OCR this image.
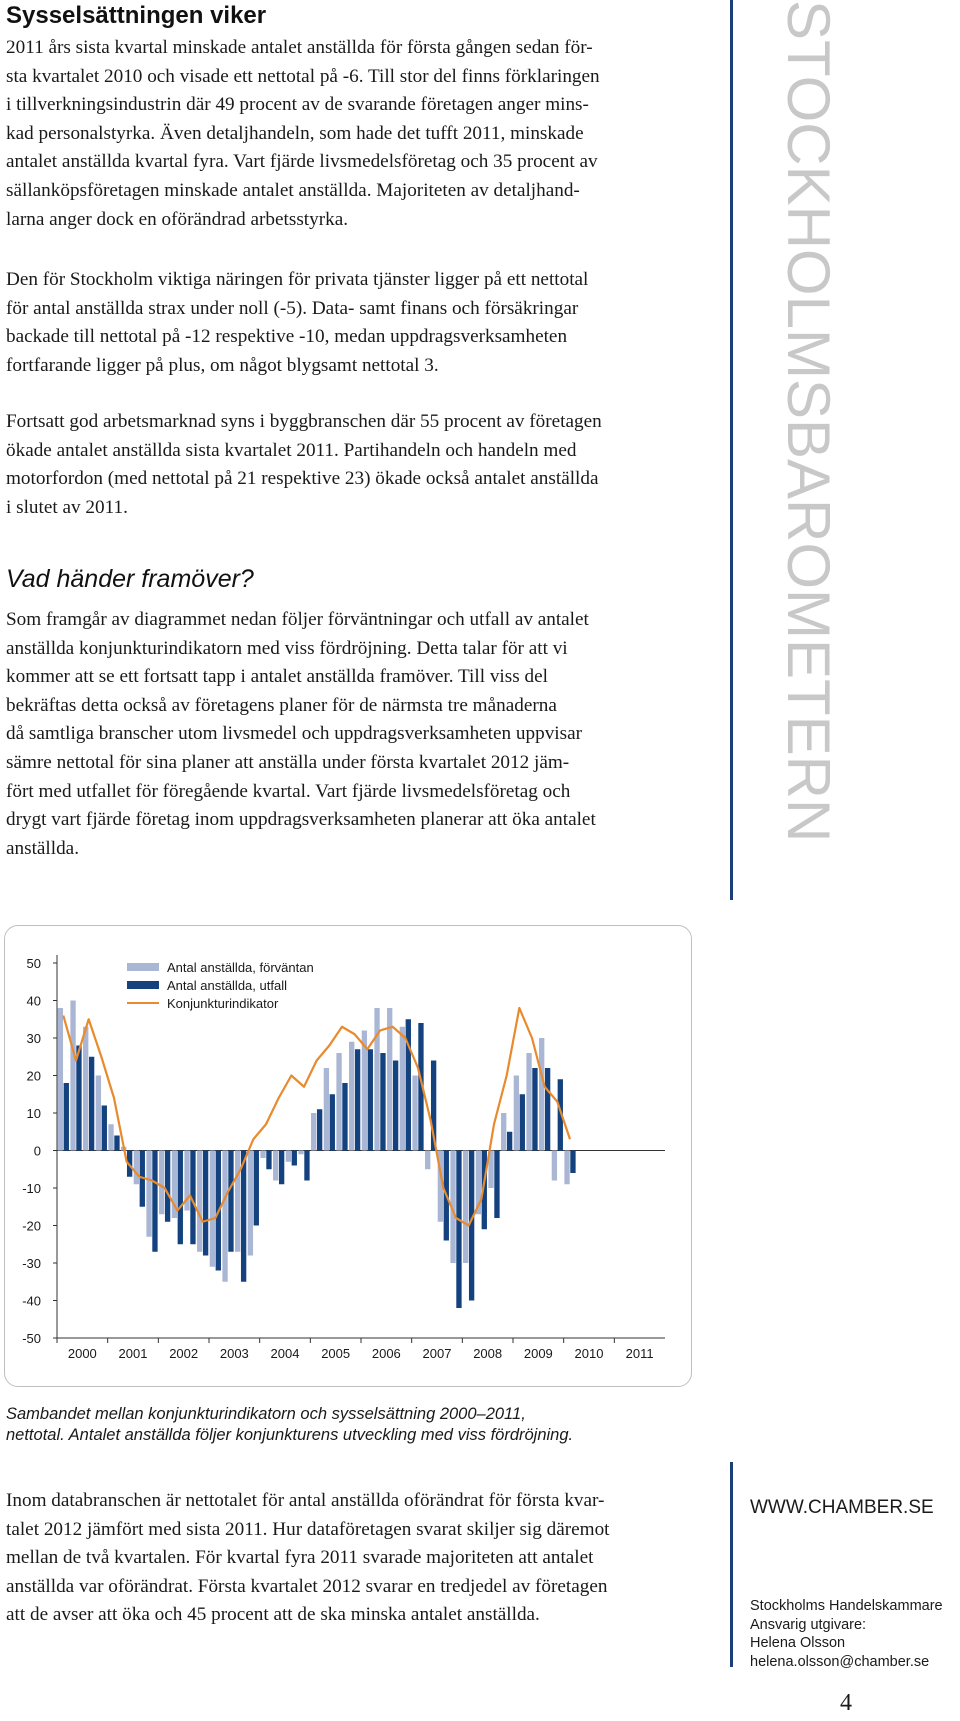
Sysselsättningen viker

2011 års sista kvartal minskade antalet anställda för första gången sedan för-
sta kvartalet 2010 och visade ett nettotal på -6. Till stor del finns förklaringen
i tillverkningsindustrin där 49 procent av de svarande företagen anger mins-
kad personalstyrka. Även detaljhandeln, som hade det tufft 2011, minskade
antalet anställda kvartal fyra. Vart fjärde livsmedelsföretag och 35 procent av
sällanköpsföretagen minskade antalet anställda. Majoriteten av detaljhand-
larna anger dock en oförändrad arbetsstyrka.

Den för Stockholm viktiga näringen för privata tjänster ligger på ett nettotal
för antal anställda strax under noll (-5). Data- samt finans och försäkringar
backade till nettotal på -12 respektive -10, medan uppdragsverksamheten
fortfarande ligger på plus, om något blygsamt nettotal 3.

Fortsatt god arbetsmarknad syns i byggbranschen där 55 procent av företagen
ökade antalet anställda sista kvartalet 2011. Partihandeln och handeln med
motorfordon (med nettotal på 21 respektive 23) ökade också antalet anställda
i slutet av 2011.

Vad händer framöver?

Som framgår av diagrammet nedan följer förväntningar och utfall av antalet
anställda konjunkturindikatorn med viss fördröjning. Detta talar för att vi
kommer att se ett fortsatt tapp i antalet anställda framöver. Till viss del
bekräftas detta också av företagens planer för de närmsta tre månaderna
då samtliga branscher utom livsmedel och uppdragsverksamheten uppvisar
sämre nettotal för sina planer att anställa under första kvartalet 2012 jäm-
fört med utfallet för föregående kvartal. Vart fjärde livsmedelsföretag och
drygt vart fjärde företag inom uppdragsverksamheten planerar att öka antalet
anställda.

STOCKHOLMSBAROMETERN
50
40
30
20
10
0
-10
-20
-30
-40
-50
2000 2001 2002 2003 2004 2005 2006 2007 2008 2009 2010 2011
Antal anställda, förväntan
Antal anställda, utfall
Konjunkturindikator

Sambandet mellan konjunkturindikatorn och sysselsättning 2000–2011,
nettotal. Antalet anställda följer konjunkturens utveckling med viss fördröjning.

Inom databranschen är nettotalet för antal anställda oförändrat för första kvar-
talet 2012 jämfört med sista 2011. Hur dataföretagen svarat skiljer sig däremot
mellan de två kvartalen. För kvartal fyra 2011 svarade majoriteten att antalet
anställda var oförändrat. Första kvartalet 2012 svarar en tredjedel av företagen
att de avser att öka och 45 procent att de ska minska antalet anställda.

WWW.CHAMBER.SE
Stockholms Handelskammare
Ansvarig utgivare:
Helena Olsson
helena.olsson@chamber.se
4
